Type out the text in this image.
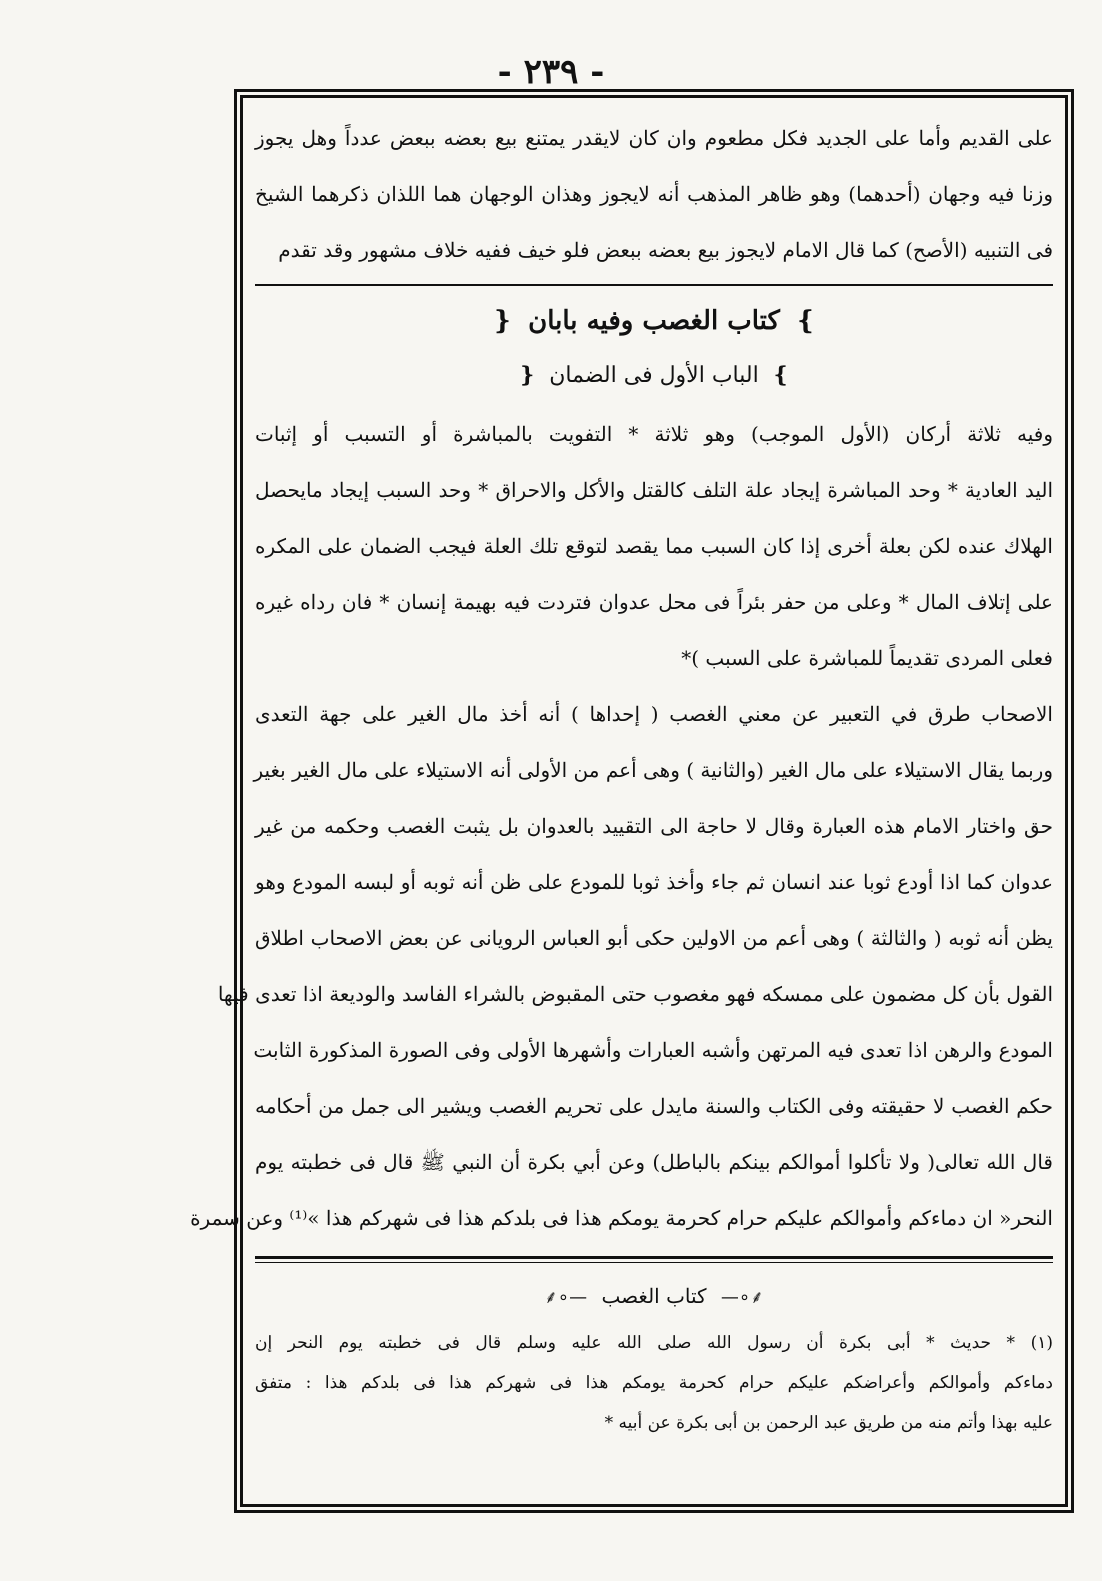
- ٢٣٩ -

على القديم وأما على الجديد فكل مطعوم وان كان لايقدر يمتنع بيع بعضه ببعض عدداً وهل يجوز

وزنا فيه وجهان (أحدهما) وهو ظاهر المذهب أنه لايجوز وهذان الوجهان هما اللذان ذكرهما الشيخ

فى التنبيه (الأصح) كما قال الامام لايجوز بيع بعضه ببعض فلو خيف ففيه خلاف مشهور وقد تقدم

❵ كتاب الغصب وفيه بابان ❴
❵ الباب الأول فى الضمان ❴

وفيه ثلاثة أركان (الأول الموجب) وهو ثلاثة * التفويت بالمباشرة أو التسبب أو إثبات

اليد العادية * وحد المباشرة إيجاد علة التلف كالقتل والأكل والاحراق * وحد السبب إيجاد مايحصل

الهلاك عنده لكن بعلة أخرى إذا كان السبب مما يقصد لتوقع تلك العلة فيجب الضمان على المكره

على إتلاف المال * وعلى من حفر بئراً فى محل عدوان فتردت فيه بهيمة إنسان * فان رداه غيره

فعلى المردى تقديماً للمباشرة على السبب )*

الاصحاب طرق في التعبير عن معني الغصب ( إحداها ) أنه أخذ مال الغير على جهة التعدى

وربما يقال الاستيلاء على مال الغير (والثانية ) وهى أعم من الأولى أنه الاستيلاء على مال الغير بغير

حق واختار الامام هذه العبارة وقال لا حاجة الى التقييد بالعدوان بل يثبت الغصب وحكمه من غير

عدوان كما اذا أودع ثوبا عند انسان ثم جاء وأخذ ثوبا للمودع على ظن أنه ثوبه أو لبسه المودع وهو

يظن أنه ثوبه ( والثالثة ) وهى أعم من الاولين حكى أبو العباس الرويانى عن بعض الاصحاب اطلاق

القول بأن كل مضمون على ممسكه فهو مغصوب حتى المقبوض بالشراء الفاسد والوديعة اذا تعدى فيها

المودع والرهن اذا تعدى فيه المرتهن وأشبه العبارات وأشهرها الأولى وفى الصورة المذكورة الثابت

حكم الغصب لا حقيقته وفى الكتاب والسنة مايدل على تحريم الغصب ويشير الى جمل من أحكامه

قال الله تعالى( ولا تأكلوا أموالكم بينكم بالباطل) وعن أبي بكرة أن النبي ﷺ قال فى خطبته يوم

النحر« ان دماءكم وأموالكم عليكم حرام كحرمة يومكم هذا فى بلدكم هذا فى شهركم هذا »⁽¹⁾ وعن سمرة

⸙∘— كتاب الغصب —∘⸙

(١) * حديث * أبى بكرة أن رسول الله صلى الله عليه وسلم قال فى خطبته يوم النحر إن

دماءكم وأموالكم وأعراضكم عليكم حرام كحرمة يومكم هذا فى شهركم هذا فى بلدكم هذا : متفق

عليه بهذا وأتم منه من طريق عبد الرحمن بن أبى بكرة عن أبيه *
